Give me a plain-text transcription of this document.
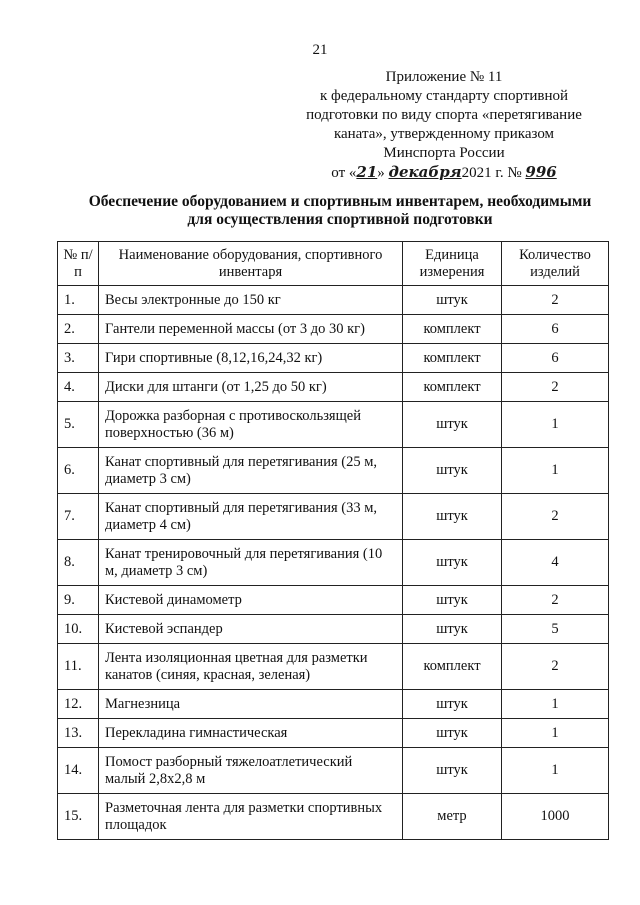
21
Приложение № 11
к федеральному стандарту спортивной
подготовки по виду спорта «перетягивание
каната», утвержденному приказом
Минспорта России
от «21» декабря2021 г. № 996
Обеспечение оборудованием и спортивным инвентарем, необходимыми
для осуществления спортивной подготовки
№ п/п	Наименование оборудования, спортивного инвентаря	Единица измерения	Количество изделий
1.	Весы электронные до 150 кг	штук	2
2.	Гантели переменной массы (от 3 до 30 кг)	комплект	6
3.	Гири спортивные (8,12,16,24,32 кг)	комплект	6
4.	Диски для штанги (от 1,25 до 50 кг)	комплект	2
5.	Дорожка разборная с противоскользящей поверхностью (36 м)	штук	1
6.	Канат спортивный для перетягивания (25 м, диаметр 3 см)	штук	1
7.	Канат спортивный для перетягивания (33 м, диаметр 4 см)	штук	2
8.	Канат тренировочный для перетягивания (10 м, диаметр 3 см)	штук	4
9.	Кистевой динамометр	штук	2
10.	Кистевой эспандер	штук	5
11.	Лента изоляционная цветная для разметки канатов (синяя, красная, зеленая)	комплект	2
12.	Магнезница	штук	1
13.	Перекладина гимнастическая	штук	1
14.	Помост разборный тяжелоатлетический малый 2,8х2,8 м	штук	1
15.	Разметочная лента для разметки спортивных площадок	метр	1000
